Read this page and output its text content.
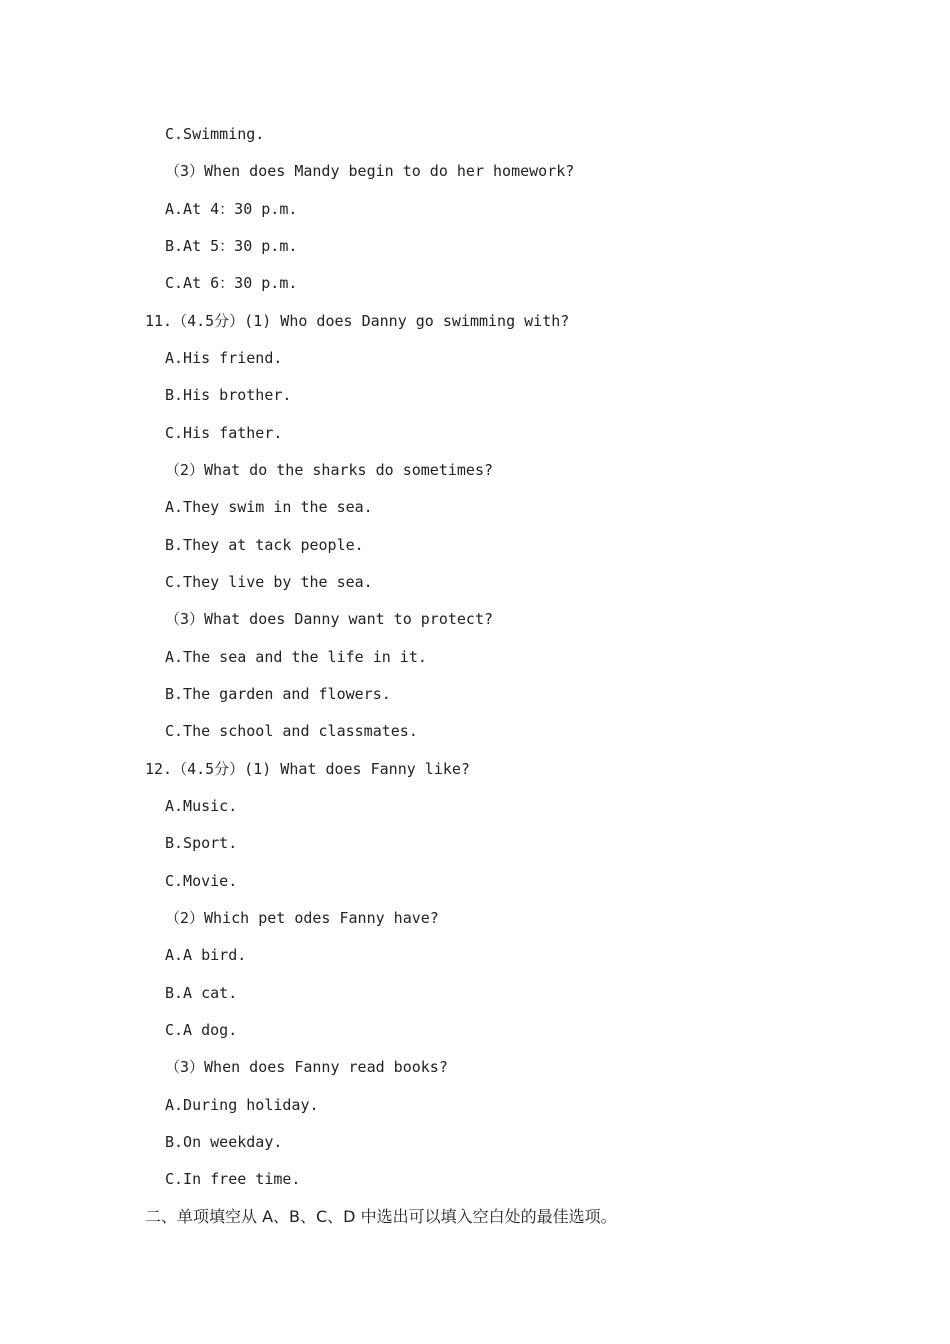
C.Swimming.
（3）When does Mandy begin to do her homework?
A.At 4：30 p.m.
B.At 5：30 p.m.
C.At 6：30 p.m.
11.（4.5分）(1) Who does Danny go swimming with?
A.His friend.
B.His brother.
C.His father.
（2）What do the sharks do sometimes?
A.They swim in the sea.
B.They at tack people.
C.They live by the sea.
（3）What does Danny want to protect?
A.The sea and the life in it.
B.The garden and flowers.
C.The school and classmates.
12.（4.5分）(1) What does Fanny like?
A.Music.
B.Sport.
C.Movie.
（2）Which pet odes Fanny have?
A.A bird.
B.A cat.
C.A dog.
（3）When does Fanny read books?
A.During holiday.
B.On weekday.
C.In free time.
二、单项填空从 A、B、C、D 中选出可以填入空白处的最佳选项。
